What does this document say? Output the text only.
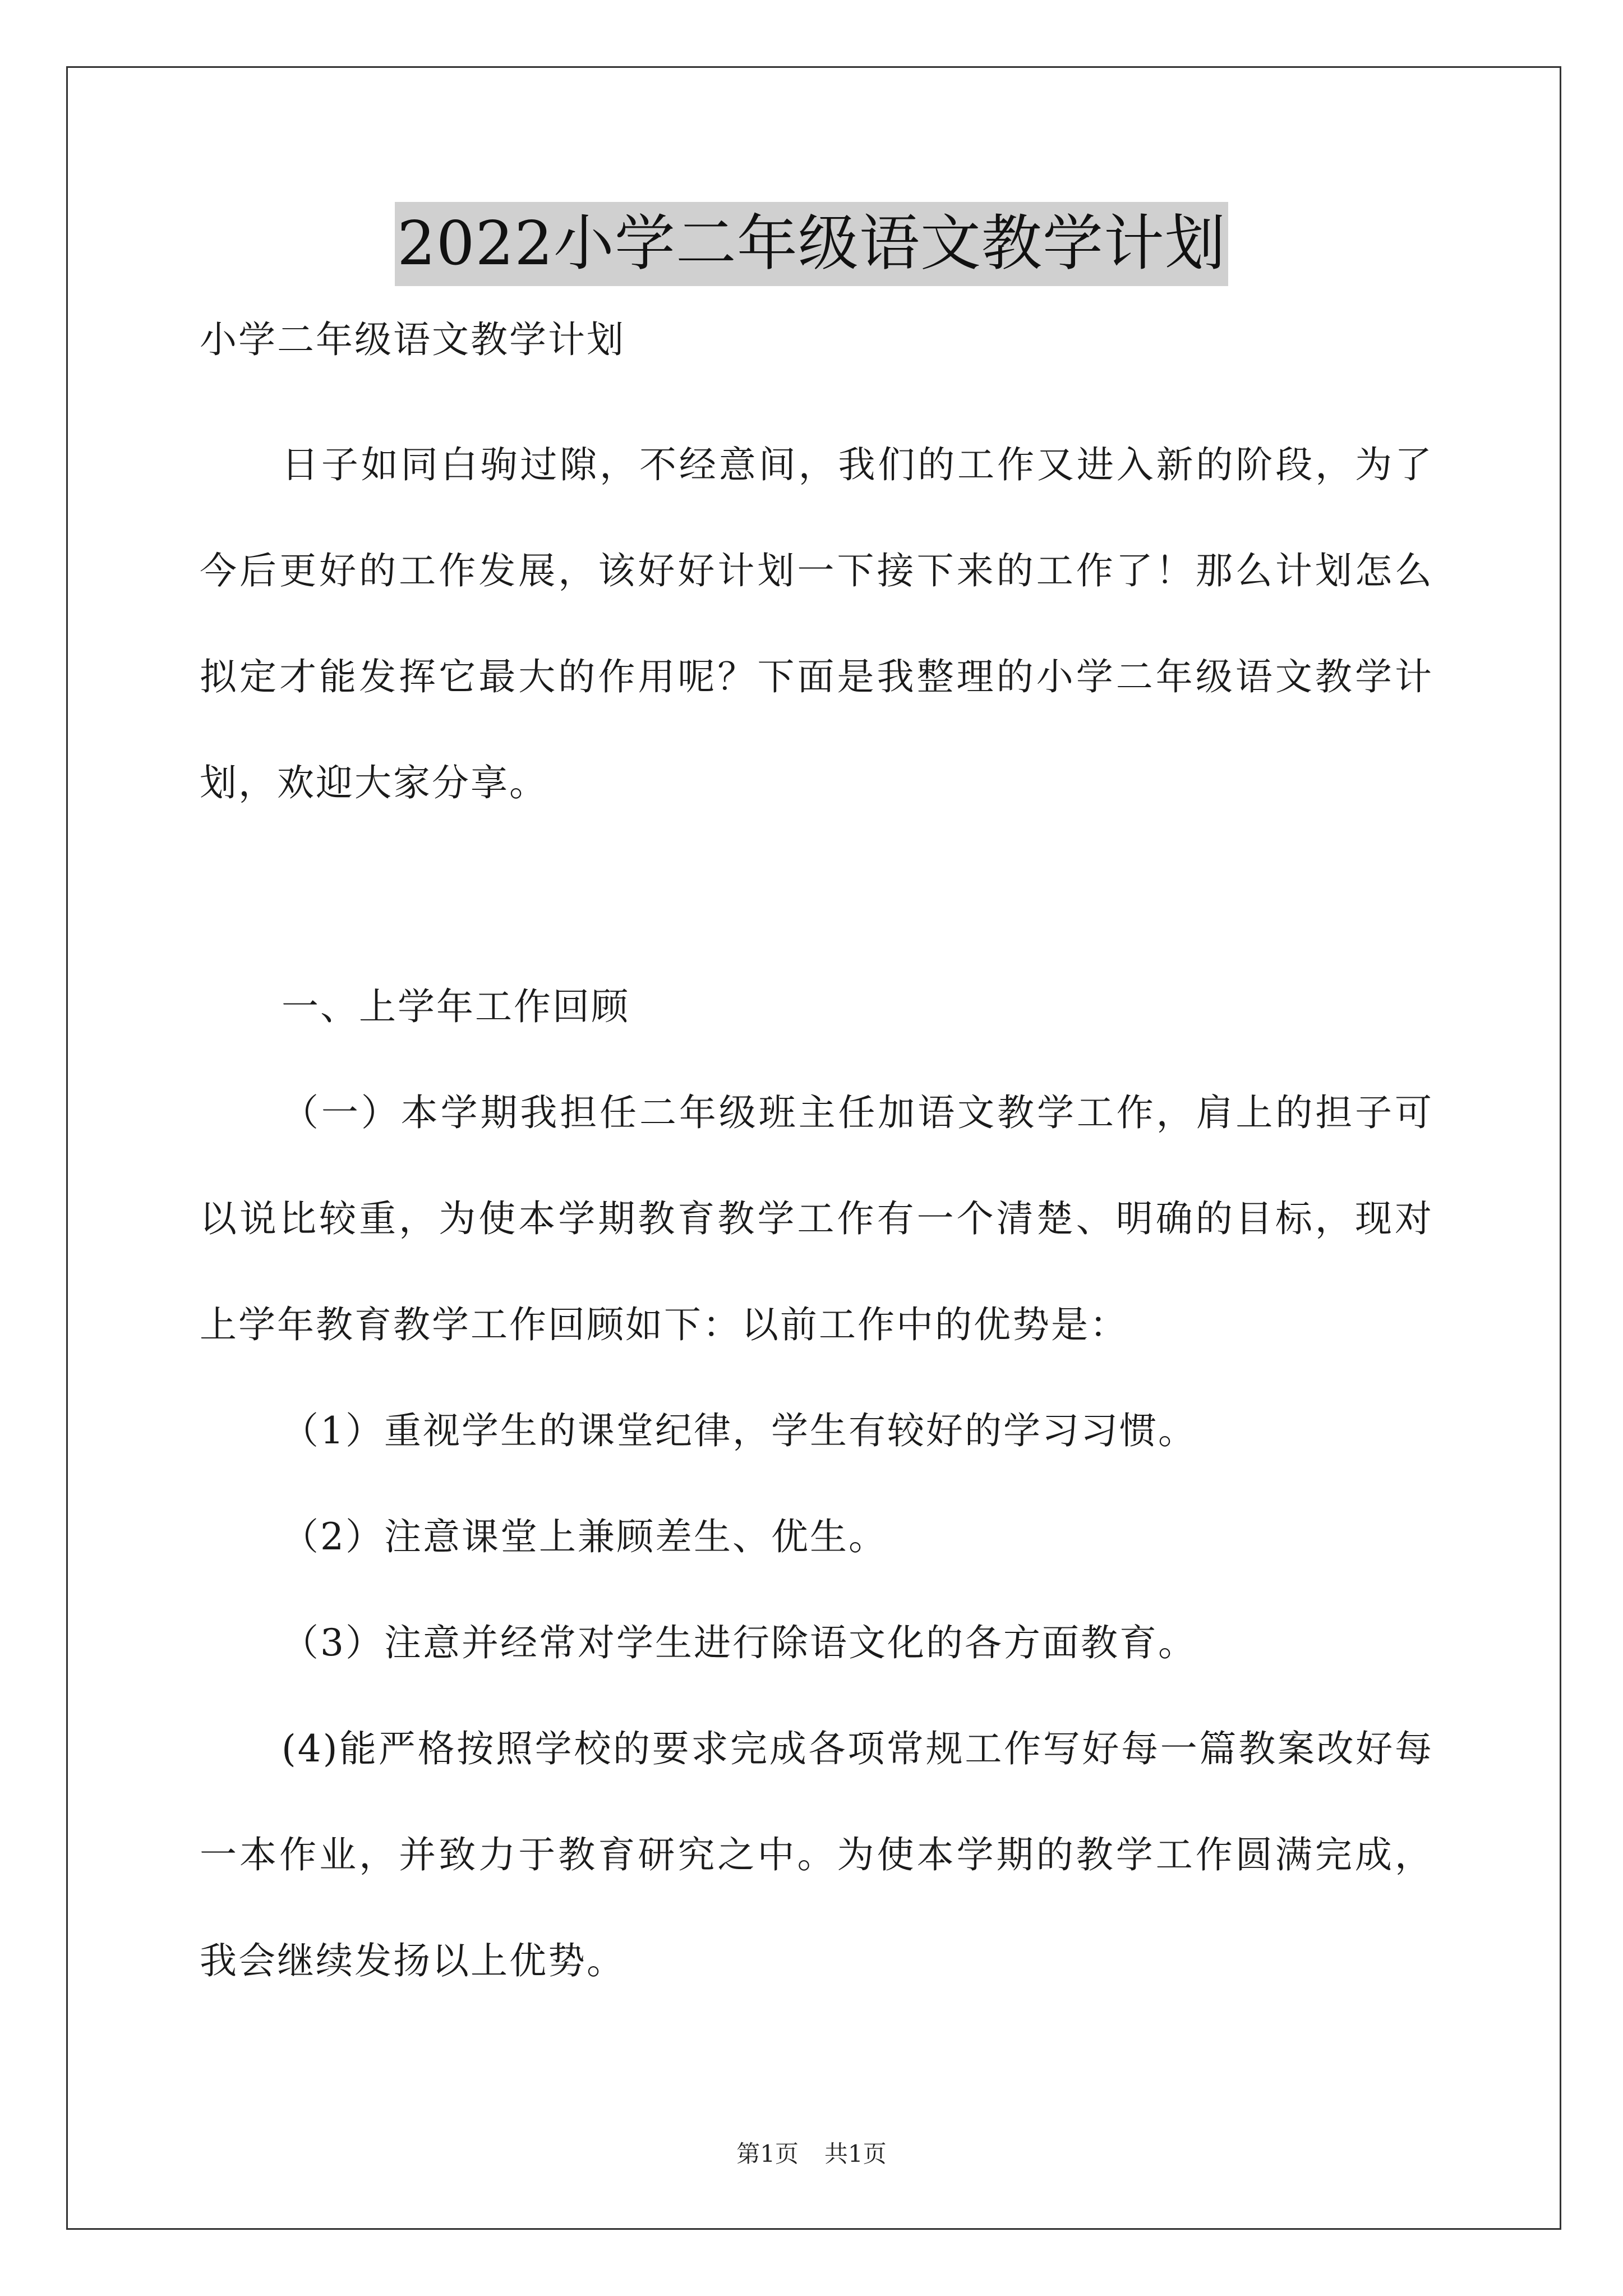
2022小学二年级语文教学计划

小学二年级语文教学计划

日子如同白驹过隙，不经意间，我们的工作又进入新的阶段，为了今后更好的工作发展，该好好计划一下接下来的工作了！那么计划怎么拟定才能发挥它最大的作用呢？下面是我整理的小学二年级语文教学计划，欢迎大家分享。

一、上学年工作回顾

（一）本学期我担任二年级班主任加语文教学工作，肩上的担子可以说比较重，为使本学期教育教学工作有一个清楚、明确的目标，现对上学年教育教学工作回顾如下：以前工作中的优势是：

（1）重视学生的课堂纪律，学生有较好的学习习惯。

（2）注意课堂上兼顾差生、优生。

（3）注意并经常对学生进行除语文化的各方面教育。

(4)能严格按照学校的要求完成各项常规工作写好每一篇教案改好每一本作业，并致力于教育研究之中。为使本学期的教学工作圆满完成，我会继续发扬以上优势。

第1页 共1页
